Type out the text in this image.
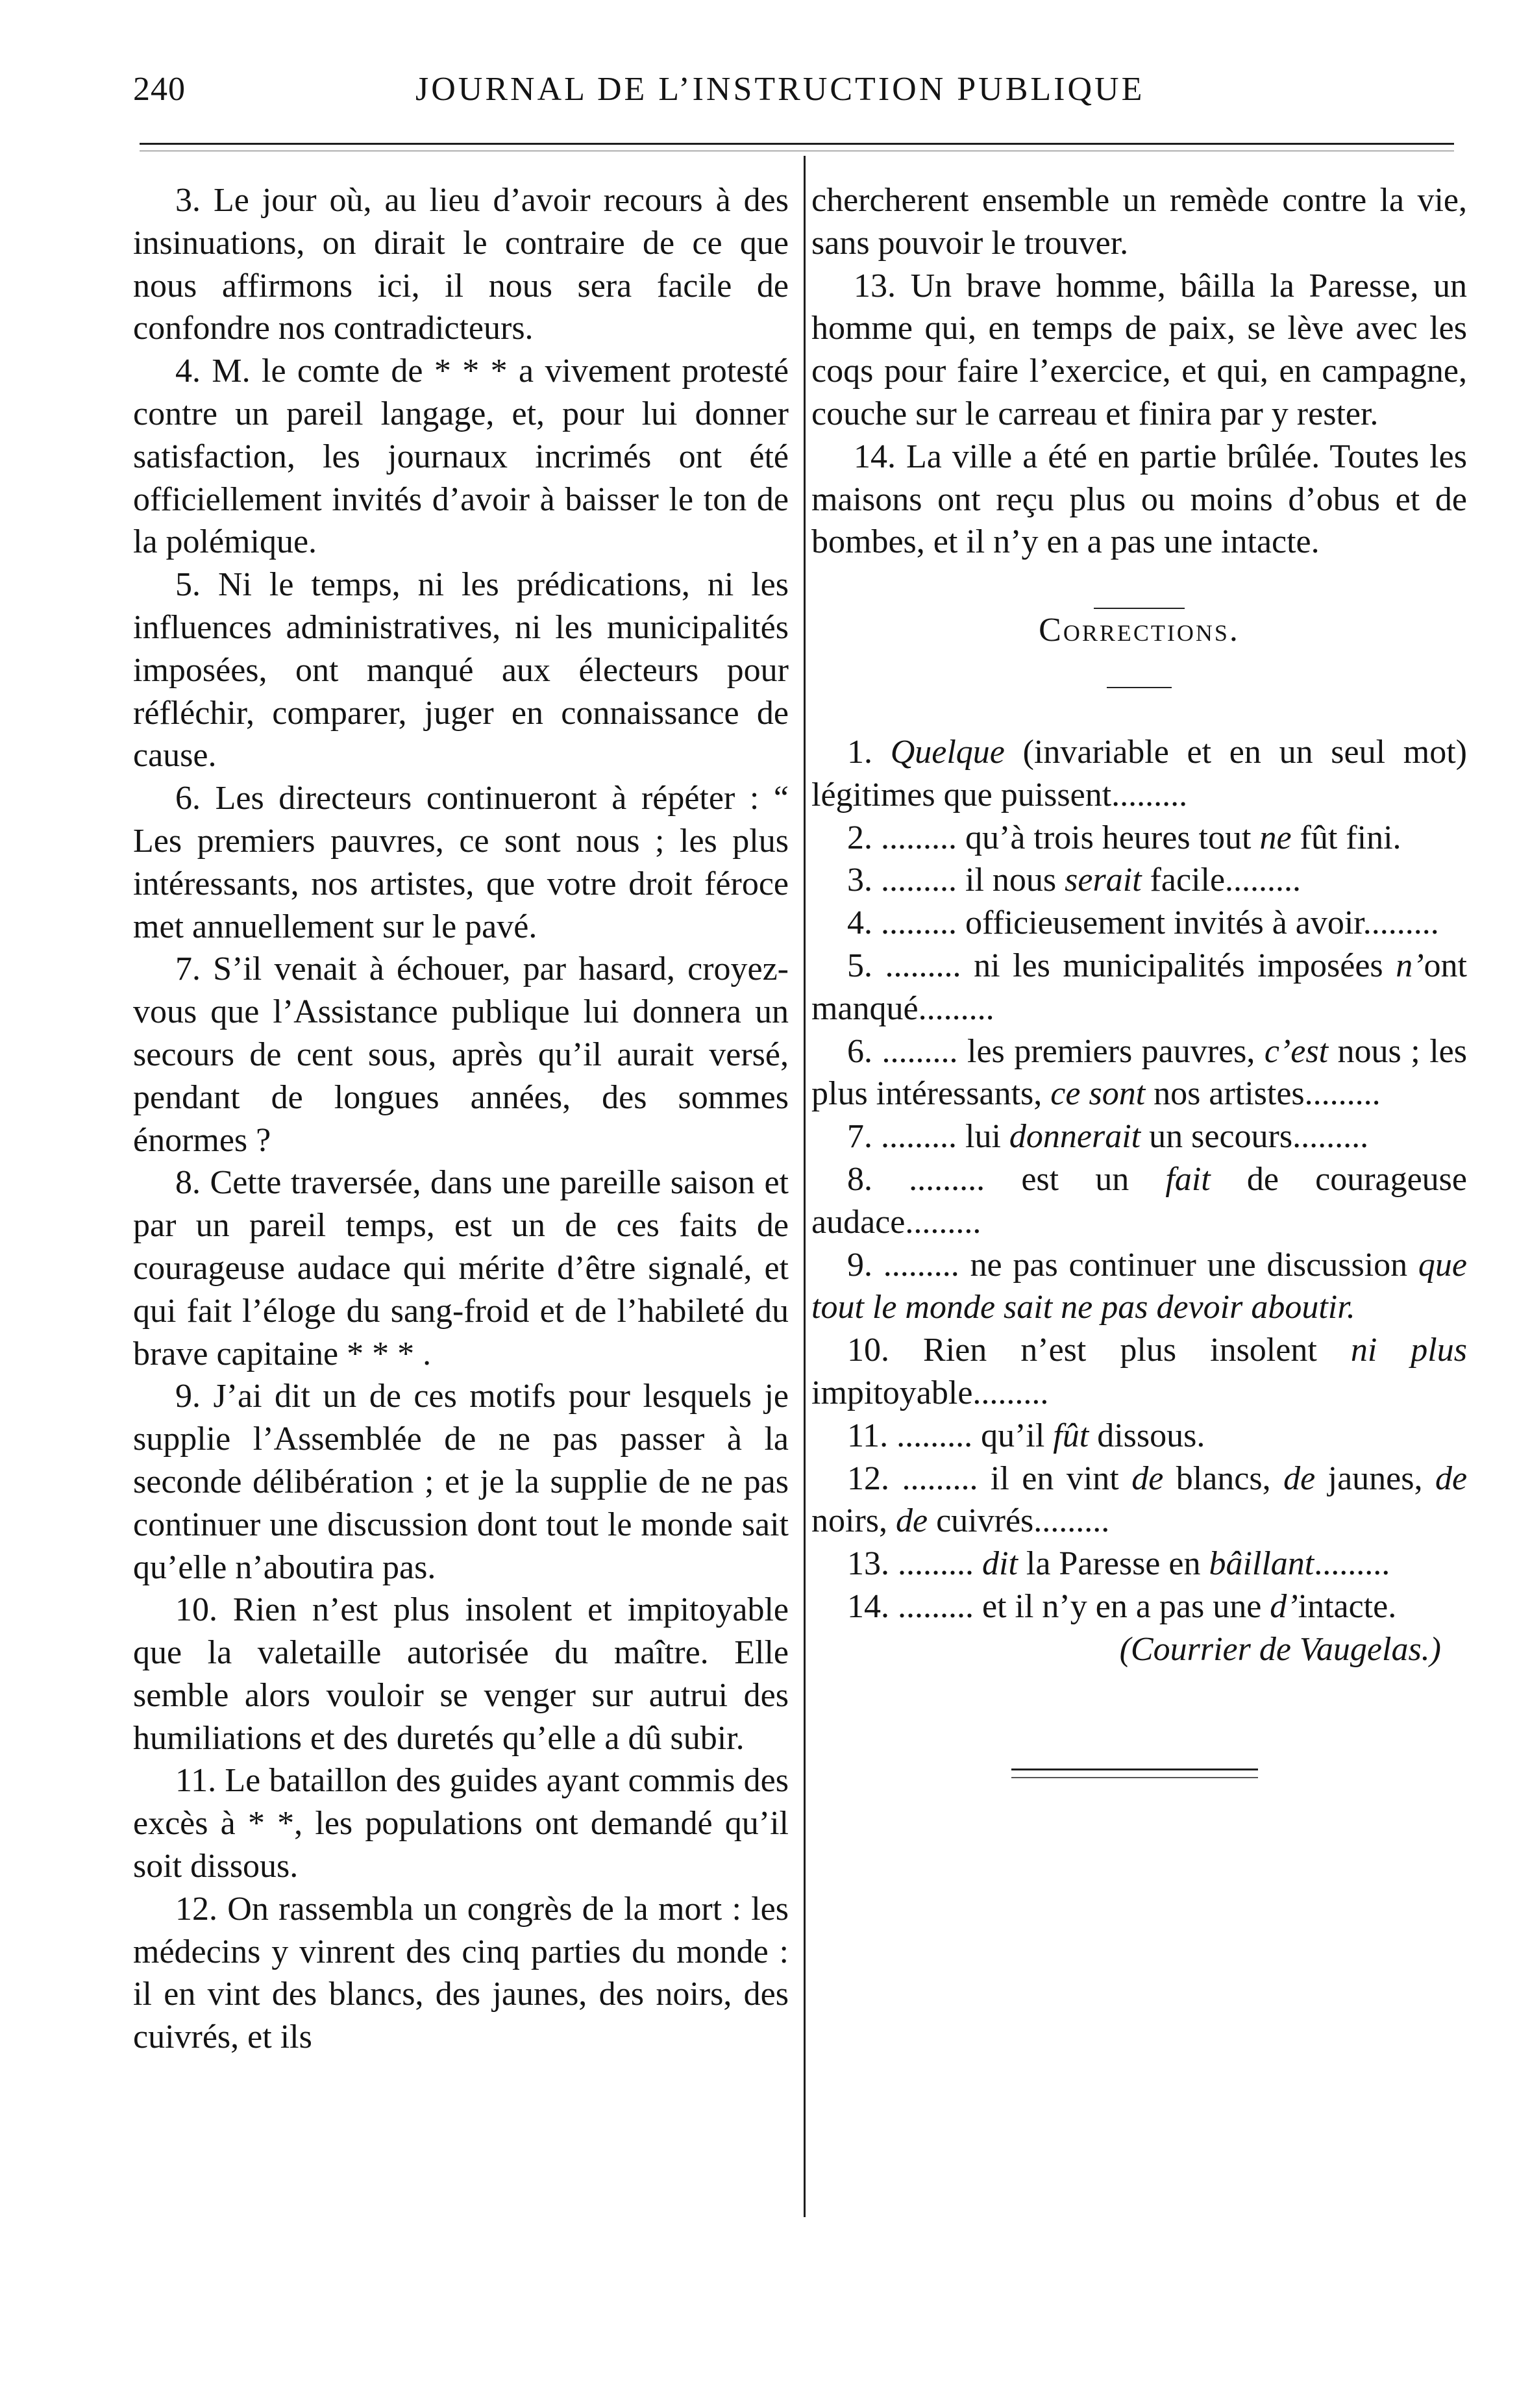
240	JOURNAL DE L’INSTRUCTION PUBLIQUE

3. Le jour où, au lieu d’avoir recours à des insinuations, on dirait le contraire de ce que nous affirmons ici, il nous sera facile de confondre nos contradicteurs.

4. M. le comte de * * * a vivement protesté contre un pareil langage, et, pour lui donner satisfaction, les journaux incrimés ont été officiellement invités d’avoir à baisser le ton de la polémique.

5. Ni le temps, ni les prédications, ni les influences administratives, ni les municipalités imposées, ont manqué aux électeurs pour réfléchir, comparer, juger en connaissance de cause.

6. Les directeurs continueront à répéter : “ Les premiers pauvres, ce sont nous ; les plus intéressants, nos artistes, que votre droit féroce met annuellement sur le pavé.

7. S’il venait à échouer, par hasard, croyez-vous que l’Assistance publique lui donnera un secours de cent sous, après qu’il aurait versé, pendant de longues années, des sommes énormes ?

8. Cette traversée, dans une pareille saison et par un pareil temps, est un de ces faits de courageuse audace qui mérite d’être signalé, et qui fait l’éloge du sang-froid et de l’habileté du brave capitaine * * * .

9. J’ai dit un de ces motifs pour lesquels je supplie l’Assemblée de ne pas passer à la seconde délibération ; et je la supplie de ne pas continuer une discussion dont tout le monde sait qu’elle n’aboutira pas.

10. Rien n’est plus insolent et impitoyable que la valetaille autorisée du maître. Elle semble alors vouloir se venger sur autrui des humiliations et des duretés qu’elle a dû subir.

11. Le bataillon des guides ayant commis des excès à * *, les populations ont demandé qu’il soit dissous.

12. On rassembla un congrès de la mort : les médecins y vinrent des cinq parties du monde : il en vint des blancs, des jaunes, des noirs, des cuivrés, et ils

chercherent ensemble un remède contre la vie, sans pouvoir le trouver.

13. Un brave homme, bâilla la Paresse, un homme qui, en temps de paix, se lève avec les coqs pour faire l’exercice, et qui, en campagne, couche sur le carreau et finira par y rester.

14. La ville a été en partie brûlée. Toutes les maisons ont reçu plus ou moins d’obus et de bombes, et il n’y en a pas une intacte.

Corrections.

1. Quelque (invariable et en un seul mot) légitimes que puissent.........

2. ......... qu’à trois heures tout ne fût fini.

3. ......... il nous serait facile.........

4. ......... officieusement invités à avoir.........

5. ......... ni les municipalités imposées n’ont manqué.........

6. ......... les premiers pauvres, c’est nous ; les plus intéressants, ce sont nos artistes.........

7. ......... lui donnerait un secours.........

8. ......... est un fait de courageuse audace.........

9. ......... ne pas continuer une discussion que tout le monde sait ne pas devoir aboutir.

10. Rien n’est plus insolent ni plus impitoyable.........

11. ......... qu’il fût dissous.

12. ......... il en vint de blancs, de jaunes, de noirs, de cuivrés.........

13. ......... dit la Paresse en bâillant.........

14. ......... et il n’y en a pas une d’intacte.

(Courrier de Vaugelas.)
